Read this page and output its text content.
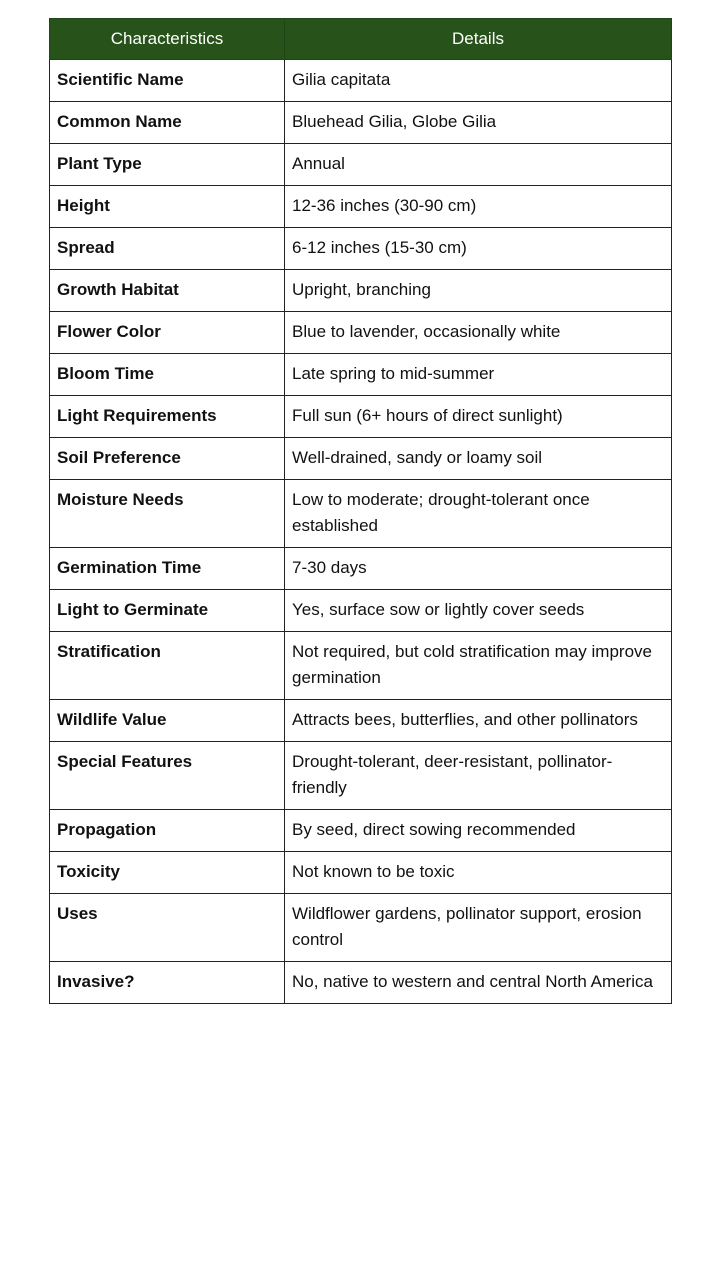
Characteristics	Details
Scientific Name	Gilia capitata
Common Name	Bluehead Gilia, Globe Gilia
Plant Type	Annual
Height	12-36 inches (30-90 cm)
Spread	6-12 inches (15-30 cm)
Growth Habitat	Upright, branching
Flower Color	Blue to lavender, occasionally white
Bloom Time	Late spring to mid-summer
Light Requirements	Full sun (6+ hours of direct sunlight)
Soil Preference	Well-drained, sandy or loamy soil
Moisture Needs	Low to moderate; drought-tolerant once established
Germination Time	7-30 days
Light to Germinate	Yes, surface sow or lightly cover seeds
Stratification	Not required, but cold stratification may improve germination
Wildlife Value	Attracts bees, butterflies, and other pollinators
Special Features	Drought-tolerant, deer-resistant, pollinator-friendly
Propagation	By seed, direct sowing recommended
Toxicity	Not known to be toxic
Uses	Wildflower gardens, pollinator support, erosion control
Invasive?	No, native to western and central North America
